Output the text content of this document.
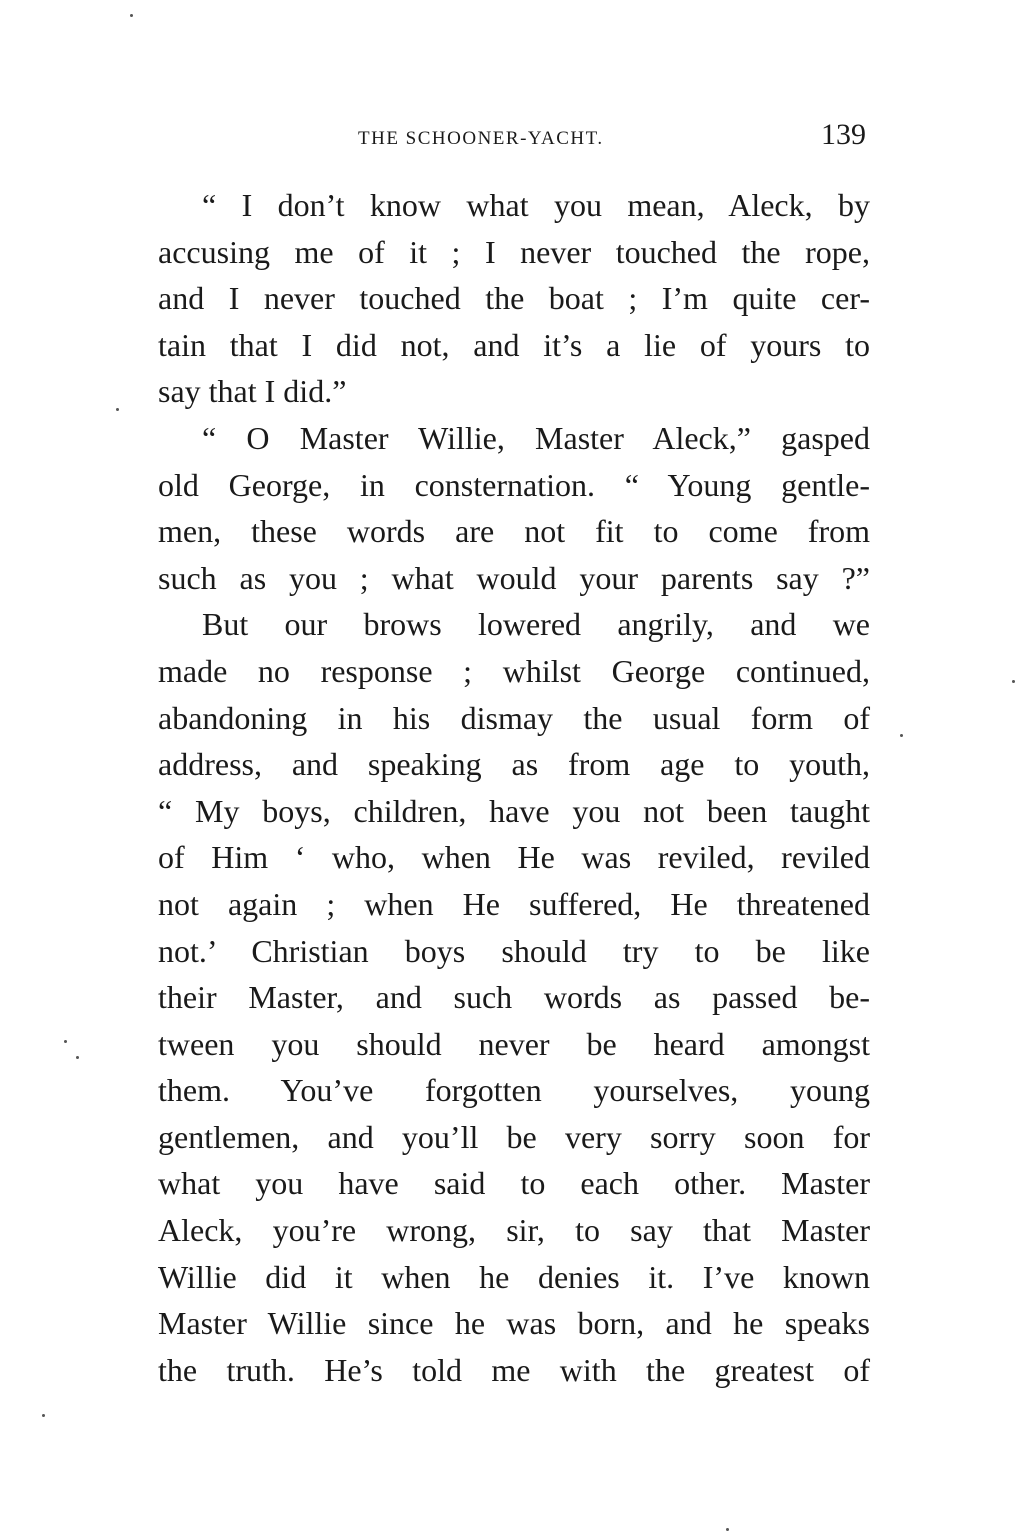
THE SCHOONER-YACHT.	139
“ I don’t know what you mean, Aleck, by
accusing me of it ; I never touched the rope,
and I never touched the boat ; I’m quite cer-
tain that I did not, and it’s a lie of yours to
say that I did.”
“ O Master Willie, Master Aleck,” gasped
old George, in consternation. “ Young gentle-
men, these words are not fit to come from
such as you ; what would your parents say ?”
But our brows lowered angrily, and we
made no response ; whilst George continued,
abandoning in his dismay the usual form of
address, and speaking as from age to youth,
“ My boys, children, have you not been taught
of Him ‘ who, when He was reviled, reviled
not again ; when He suffered, He threatened
not.’ Christian boys should try to be like
their Master, and such words as passed be-
tween you should never be heard amongst
them. You’ve forgotten yourselves, young
gentlemen, and you’ll be very sorry soon for
what you have said to each other. Master
Aleck, you’re wrong, sir, to say that Master
Willie did it when he denies it. I’ve known
Master Willie since he was born, and he speaks
the truth. He’s told me with the greatest of
